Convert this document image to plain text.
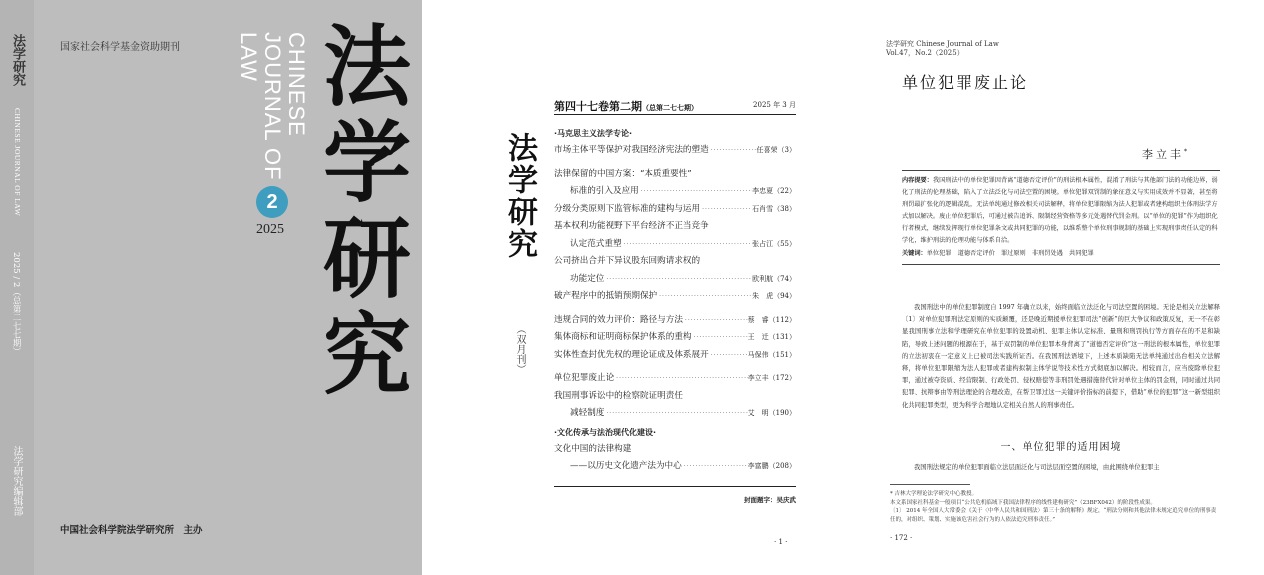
法学研究
CHINESE JOURNAL OF LAW
2025 / 2（总第二七七期）
法学研究编辑部
国家社会科学基金资助期刊	CHINESE JOURNAL OF LAW 法学研究
2
2025
中国社会科学院法学研究所　主办
法学研究
（双月刊）
第四十七卷第二期（总第二七七期）	2025 年 3 月
·马克思主义法学专论·
市场主体平等保护对我国经济宪法的塑造 ·····	任喜荣（3）
法律保留的中国方案：“本质重要性”
标准的引入及应用 ·····	李忠夏（22）
分级分类原则下监管标准的建构与运用 ·····	石肖雪（38）
基本权利功能视野下平台经济不正当竞争
认定范式重塑 ·····	张占江（55）
公司挤出合并下异议股东回购请求权的
功能定位 ·····	欧利航（74）
破产程序中的抵销预期保护 ·····	朱　虎（94）
违规合同的效力评价：路径与方法 ·····	蔡　睿（112）
集体商标和证明商标保护体系的重构 ·····	王　迁（131）
实体性查封优先权的理论证成及体系展开 ·····	马保伟（151）
单位犯罪废止论 ·····	李立丰（172）
我国刑事诉讼中的检察院证明责任
减轻制度 ·····	艾　明（190）
·文化传承与法治现代化建设·
文化中国的法律构建
——以历史文化遗产法为中心 ·····	李富鹏（208）
封面题字：吴庆武
· 1 ·
法学研究 Chinese Journal of Law
Vol.47，No.2（2025）
单位犯罪废止论
李立丰*
内容提要：我国刑法中的单位犯罪因背离“道德否定评价”的刑法根本属性，混淆了刑法与其他部门法的功能边界，弱化了刑法的伦理基础，陷入了立法泛化与司法空置的困境。单位犯罪双罚制的象征意义与实用成效并不显著，甚至将刑罚最扩张化的逻辑混乱，无法单纯通过修改相关司法解释，将单位犯罪限缩为法人犯罪或者建构组织主体刑法学方式加以解决。废止单位犯罪后，可通过被告追诉、限制经营资格等多元处遇替代罚金刑。以“单位的犯罪”作为组织化行者模式，继续发挥现行单位犯罪条文或共同犯罪的功能，以维系整个单位刑事规制的基础上实现刑事责任认定的科学化，维护刑法的伦理功能与体系自洽。
关键词：单位犯罪　道德否定评价　罪过原则　非刑罚处遇　共同犯罪
我国刑法中的单位犯罪制度自 1997 年确立以来，始终面临立法泛化与司法空置的困境。无论是相关立法解释〔1〕对单位犯罪刑法定原则的实质颠覆，还是晚近期援单位犯罪司法“创新”的巨大争议和政策反复，无一不在彰显我国刑事立法和学理研究在单位犯罪的设置动机、犯罪主体认定标准、量刑和刑罚执行等方面存在的不足和缺陷，导致上述问题的根源在于，基于双罚制的单位犯罪本身背离了“道德否定评价”这一刑法的根本属性，单位犯罪的立法初衷在一定意义上已被司法实践所证否。在我国刑法语境下，上述本质缺陷无法单纯通过出台相关立法解释，将单位犯罪限缩为法人犯罪或者建构拟制主体学说等技术性方式彻底加以解决。相较而言，应当废除单位犯罪，通过被夺资质、经营限制、行政处罚、侵权赔偿等非刑罚处遇措施替代针对单位主体的罚金刑，同时通过共同犯罪、抗辩事由等刑法理论的合理改造，在帮卫罪过这一关键评价指标的前提下，借助“单位的犯罪”这一新型组织化共同犯罪类型，更为科学合理地认定相关自然人的刑事责任。
一、单位犯罪的适用困境
我国刑法规定的单位犯罪面临立法层面泛化与司法层面空置的困境，由此围绕单位犯罪主
* 吉林大学理论法学研究中心教授。
本文系国家社科基金一般项目“公共危机临域下我国法律程序的线性建构研究”（23BFX042）的阶段性成果。
〔1〕 2014 年全国人大常委会《关于〈中华人民共和国刑法〉第三十条的解释》规定，“刑法分则和其他法律未规定追究单位的刑事责任的，对组织、策划、实施该危害社会行为的人依法追究刑事责任。”
· 172 ·
